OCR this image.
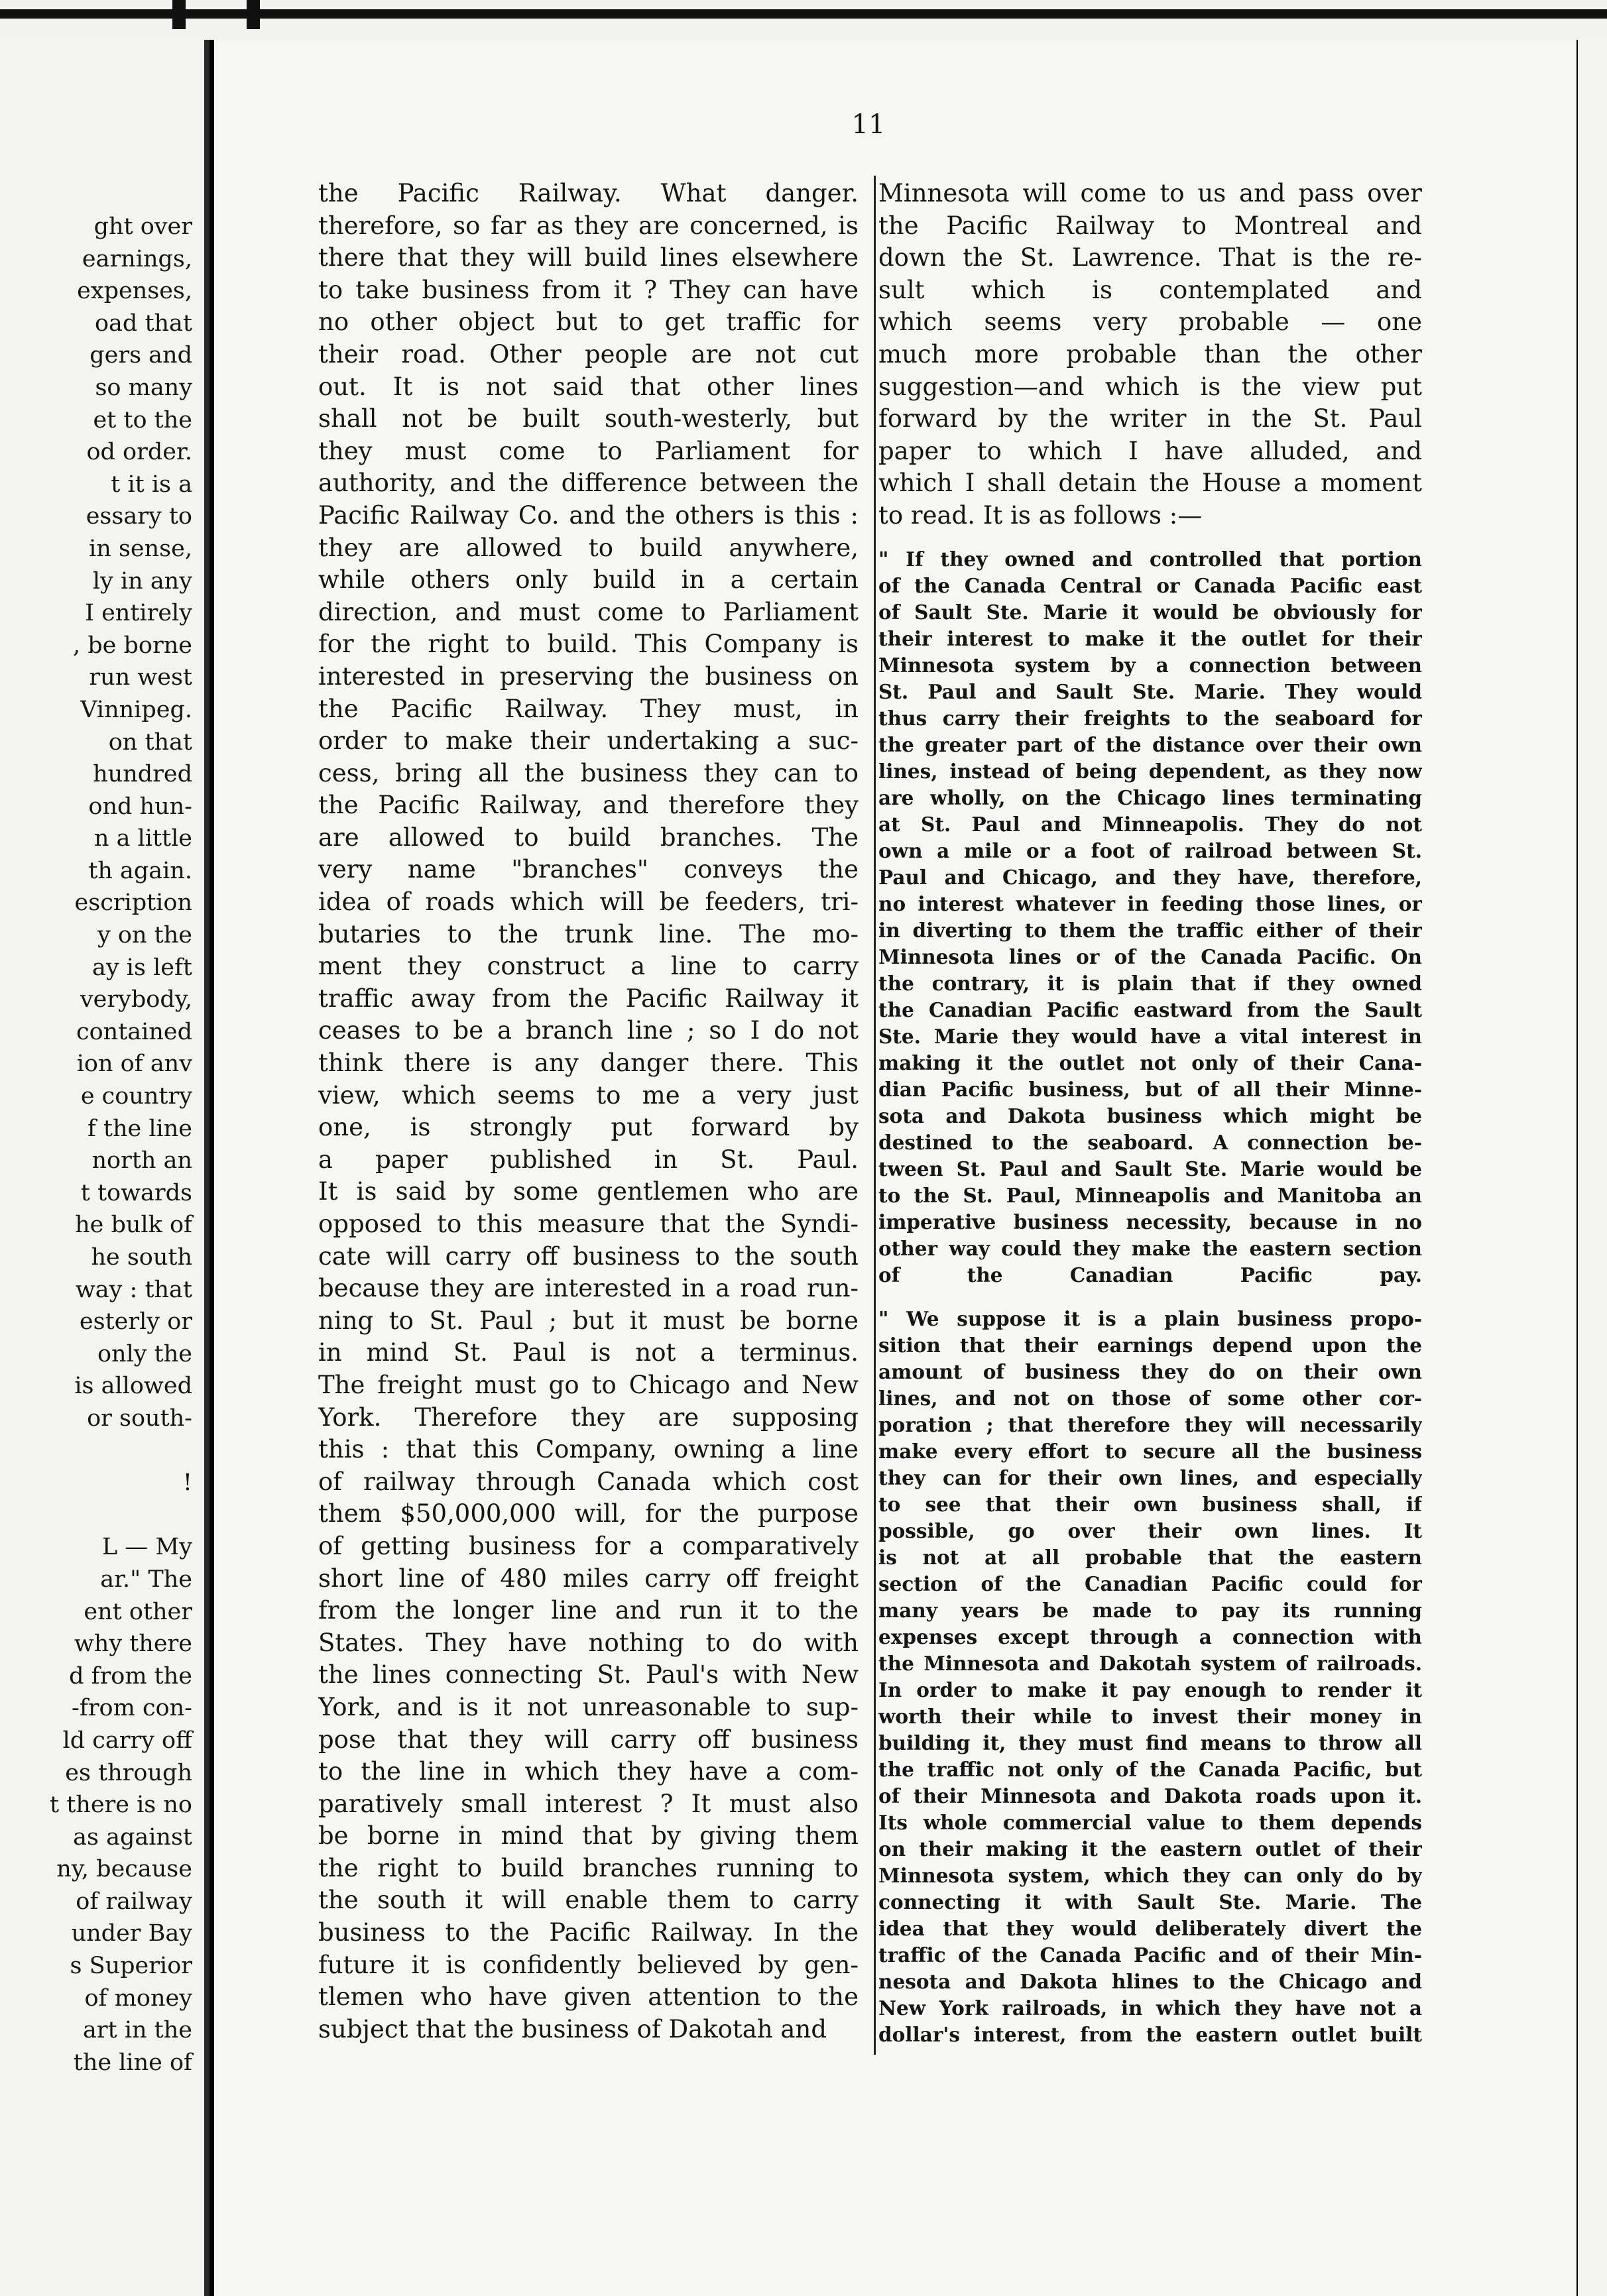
ght over
earnings,
expenses,
oad that
gers and
so many
et to the
od order.
t it is a
essary to
in sense,
ly in any
I entirely
, be borne
run west
Vinnipeg.
on that
hundred
ond hun-
n a little
th again.
escription
y on the
ay is left
verybody,
contained
ion of anv
e country
f the line
north an
t towards
he bulk of
he south
way : that
esterly or
only the
is allowed
or south-
!
L — My
ar." The
ent other
why there
d from the
-from con-
ld carry off
es through
t there is no
as against
ny, because
of railway
under Bay
s Superior
of money
art in the
the line of
11
the Pacific Railway. What danger.
therefore, so far as they are concerned, is
there that they will build lines elsewhere
to take business from it ? They can have
no other object but to get traffic for
their road. Other people are not cut
out. It is not said that other lines
shall not be built south-westerly, but
they must come to Parliament for
authority, and the difference between the
Pacific Railway Co. and the others is this :
they are allowed to build anywhere,
while others only build in a certain
direction, and must come to Parliament
for the right to build. This Company is
interested in preserving the business on
the Pacific Railway. They must, in
order to make their undertaking a suc-
cess, bring all the business they can to
the Pacific Railway, and therefore they
are allowed to build branches. The
very name "branches" conveys the
idea of roads which will be feeders, tri-
butaries to the trunk line. The mo-
ment they construct a line to carry
traffic away from the Pacific Railway it
ceases to be a branch line ; so I do not
think there is any danger there. This
view, which seems to me a very just
one, is strongly put forward by
a paper published in St. Paul.
It is said by some gentlemen who are
opposed to this measure that the Syndi-
cate will carry off business to the south
because they are interested in a road run-
ning to St. Paul ; but it must be borne
in mind St. Paul is not a terminus.
The freight must go to Chicago and New
York. Therefore they are supposing
this : that this Company, owning a line
of railway through Canada which cost
them $50,000,000 will, for the purpose
of getting business for a comparatively
short line of 480 miles carry off freight
from the longer line and run it to the
States. They have nothing to do with
the lines connecting St. Paul's with New
York, and is it not unreasonable to sup-
pose that they will carry off business
to the line in which they have a com-
paratively small interest ? It must also
be borne in mind that by giving them
the right to build branches running to
the south it will enable them to carry
business to the Pacific Railway. In the
future it is confidently believed by gen-
tlemen who have given attention to the
subject that the business of Dakotah and
Minnesota will come to us and pass over
the Pacific Railway to Montreal and
down the St. Lawrence. That is the re-
sult which is contemplated and
which seems very probable — one
much more probable than the other
suggestion—and which is the view put
forward by the writer in the St. Paul
paper to which I have alluded, and
which I shall detain the House a moment
to read. It is as follows :—
" If they owned and controlled that portion
of the Canada Central or Canada Pacific east
of Sault Ste. Marie it would be obviously for
their interest to make it the outlet for their
Minnesota system by a connection between
St. Paul and Sault Ste. Marie. They would
thus carry their freights to the seaboard for
the greater part of the distance over their own
lines, instead of being dependent, as they now
are wholly, on the Chicago lines terminating
at St. Paul and Minneapolis. They do not
own a mile or a foot of railroad between St.
Paul and Chicago, and they have, therefore,
no interest whatever in feeding those lines, or
in diverting to them the traffic either of their
Minnesota lines or of the Canada Pacific. On
the contrary, it is plain that if they owned
the Canadian Pacific eastward from the Sault
Ste. Marie they would have a vital interest in
making it the outlet not only of their Cana-
dian Pacific business, but of all their Minne-
sota and Dakota business which might be
destined to the seaboard. A connection be-
tween St. Paul and Sault Ste. Marie would be
to the St. Paul, Minneapolis and Manitoba an
imperative business necessity, because in no
other way could they make the eastern section
of the Canadian Pacific pay.
" We suppose it is a plain business propo-
sition that their earnings depend upon the
amount of business they do on their own
lines, and not on those of some other cor-
poration ; that therefore they will necessarily
make every effort to secure all the business
they can for their own lines, and especially
to see that their own business shall, if
possible, go over their own lines. It
is not at all probable that the eastern
section of the Canadian Pacific could for
many years be made to pay its running
expenses except through a connection with
the Minnesota and Dakotah system of railroads.
In order to make it pay enough to render it
worth their while to invest their money in
building it, they must find means to throw all
the traffic not only of the Canada Pacific, but
of their Minnesota and Dakota roads upon it.
Its whole commercial value to them depends
on their making it the eastern outlet of their
Minnesota system, which they can only do by
connecting it with Sault Ste. Marie. The
idea that they would deliberately divert the
traffic of the Canada Pacific and of their Min-
nesota and Dakota hlines to the Chicago and
New York railroads, in which they have not a
dollar's interest, from the eastern outlet built
